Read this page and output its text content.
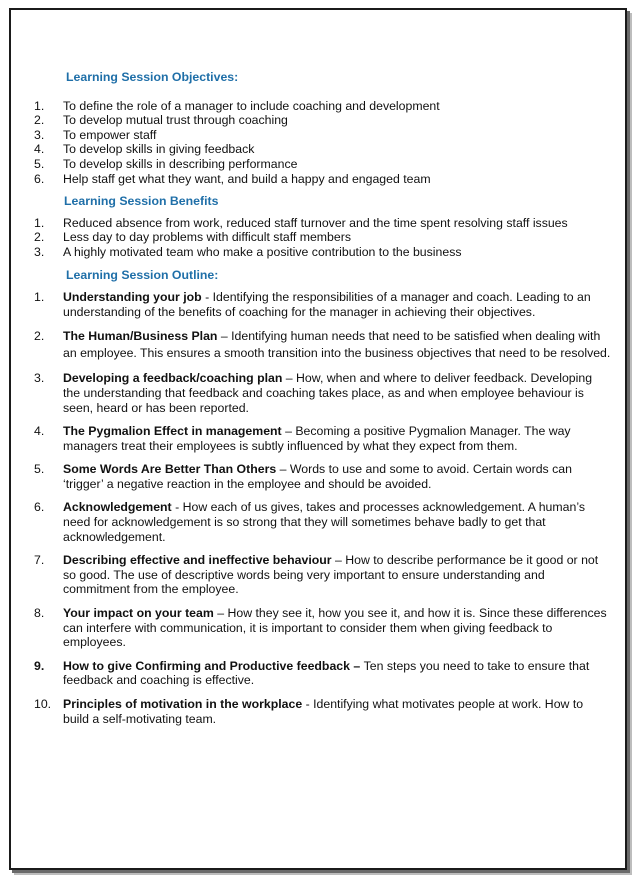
Learning Session Objectives:
1. To define the role of a manager to include coaching and development
2. To develop mutual trust through coaching
3. To empower staff
4. To develop skills in giving feedback
5. To develop skills in describing performance
6. Help staff get what they want, and build a happy and engaged team
Learning Session Benefits
1. Reduced absence from work, reduced staff turnover and the time spent resolving staff issues
2. Less day to day problems with difficult staff members
3. A highly motivated team who make a positive contribution to the business
Learning Session Outline:
1. Understanding your job - Identifying the responsibilities of a manager and coach. Leading to an understanding of the benefits of coaching for the manager in achieving their objectives.
2. The Human/Business Plan – Identifying human needs that need to be satisfied when dealing with an employee. This ensures a smooth transition into the business objectives that need to be resolved.
3. Developing a feedback/coaching plan – How, when and where to deliver feedback. Developing the understanding that feedback and coaching takes place, as and when employee behaviour is seen, heard or has been reported.
4. The Pygmalion Effect in management – Becoming a positive Pygmalion Manager. The way managers treat their employees is subtly influenced by what they expect from them.
5. Some Words Are Better Than Others – Words to use and some to avoid. Certain words can ‘trigger’ a negative reaction in the employee and should be avoided.
6. Acknowledgement - How each of us gives, takes and processes acknowledgement. A human’s need for acknowledgement is so strong that they will sometimes behave badly to get that acknowledgement.
7. Describing effective and ineffective behaviour – How to describe performance be it good or not so good. The use of descriptive words being very important to ensure understanding and commitment from the employee.
8. Your impact on your team – How they see it, how you see it, and how it is. Since these differences can interfere with communication, it is important to consider them when giving feedback to employees.
9. How to give Confirming and Productive feedback – Ten steps you need to take to ensure that feedback and coaching is effective.
10. Principles of motivation in the workplace - Identifying what motivates people at work. How to build a self-motivating team.
